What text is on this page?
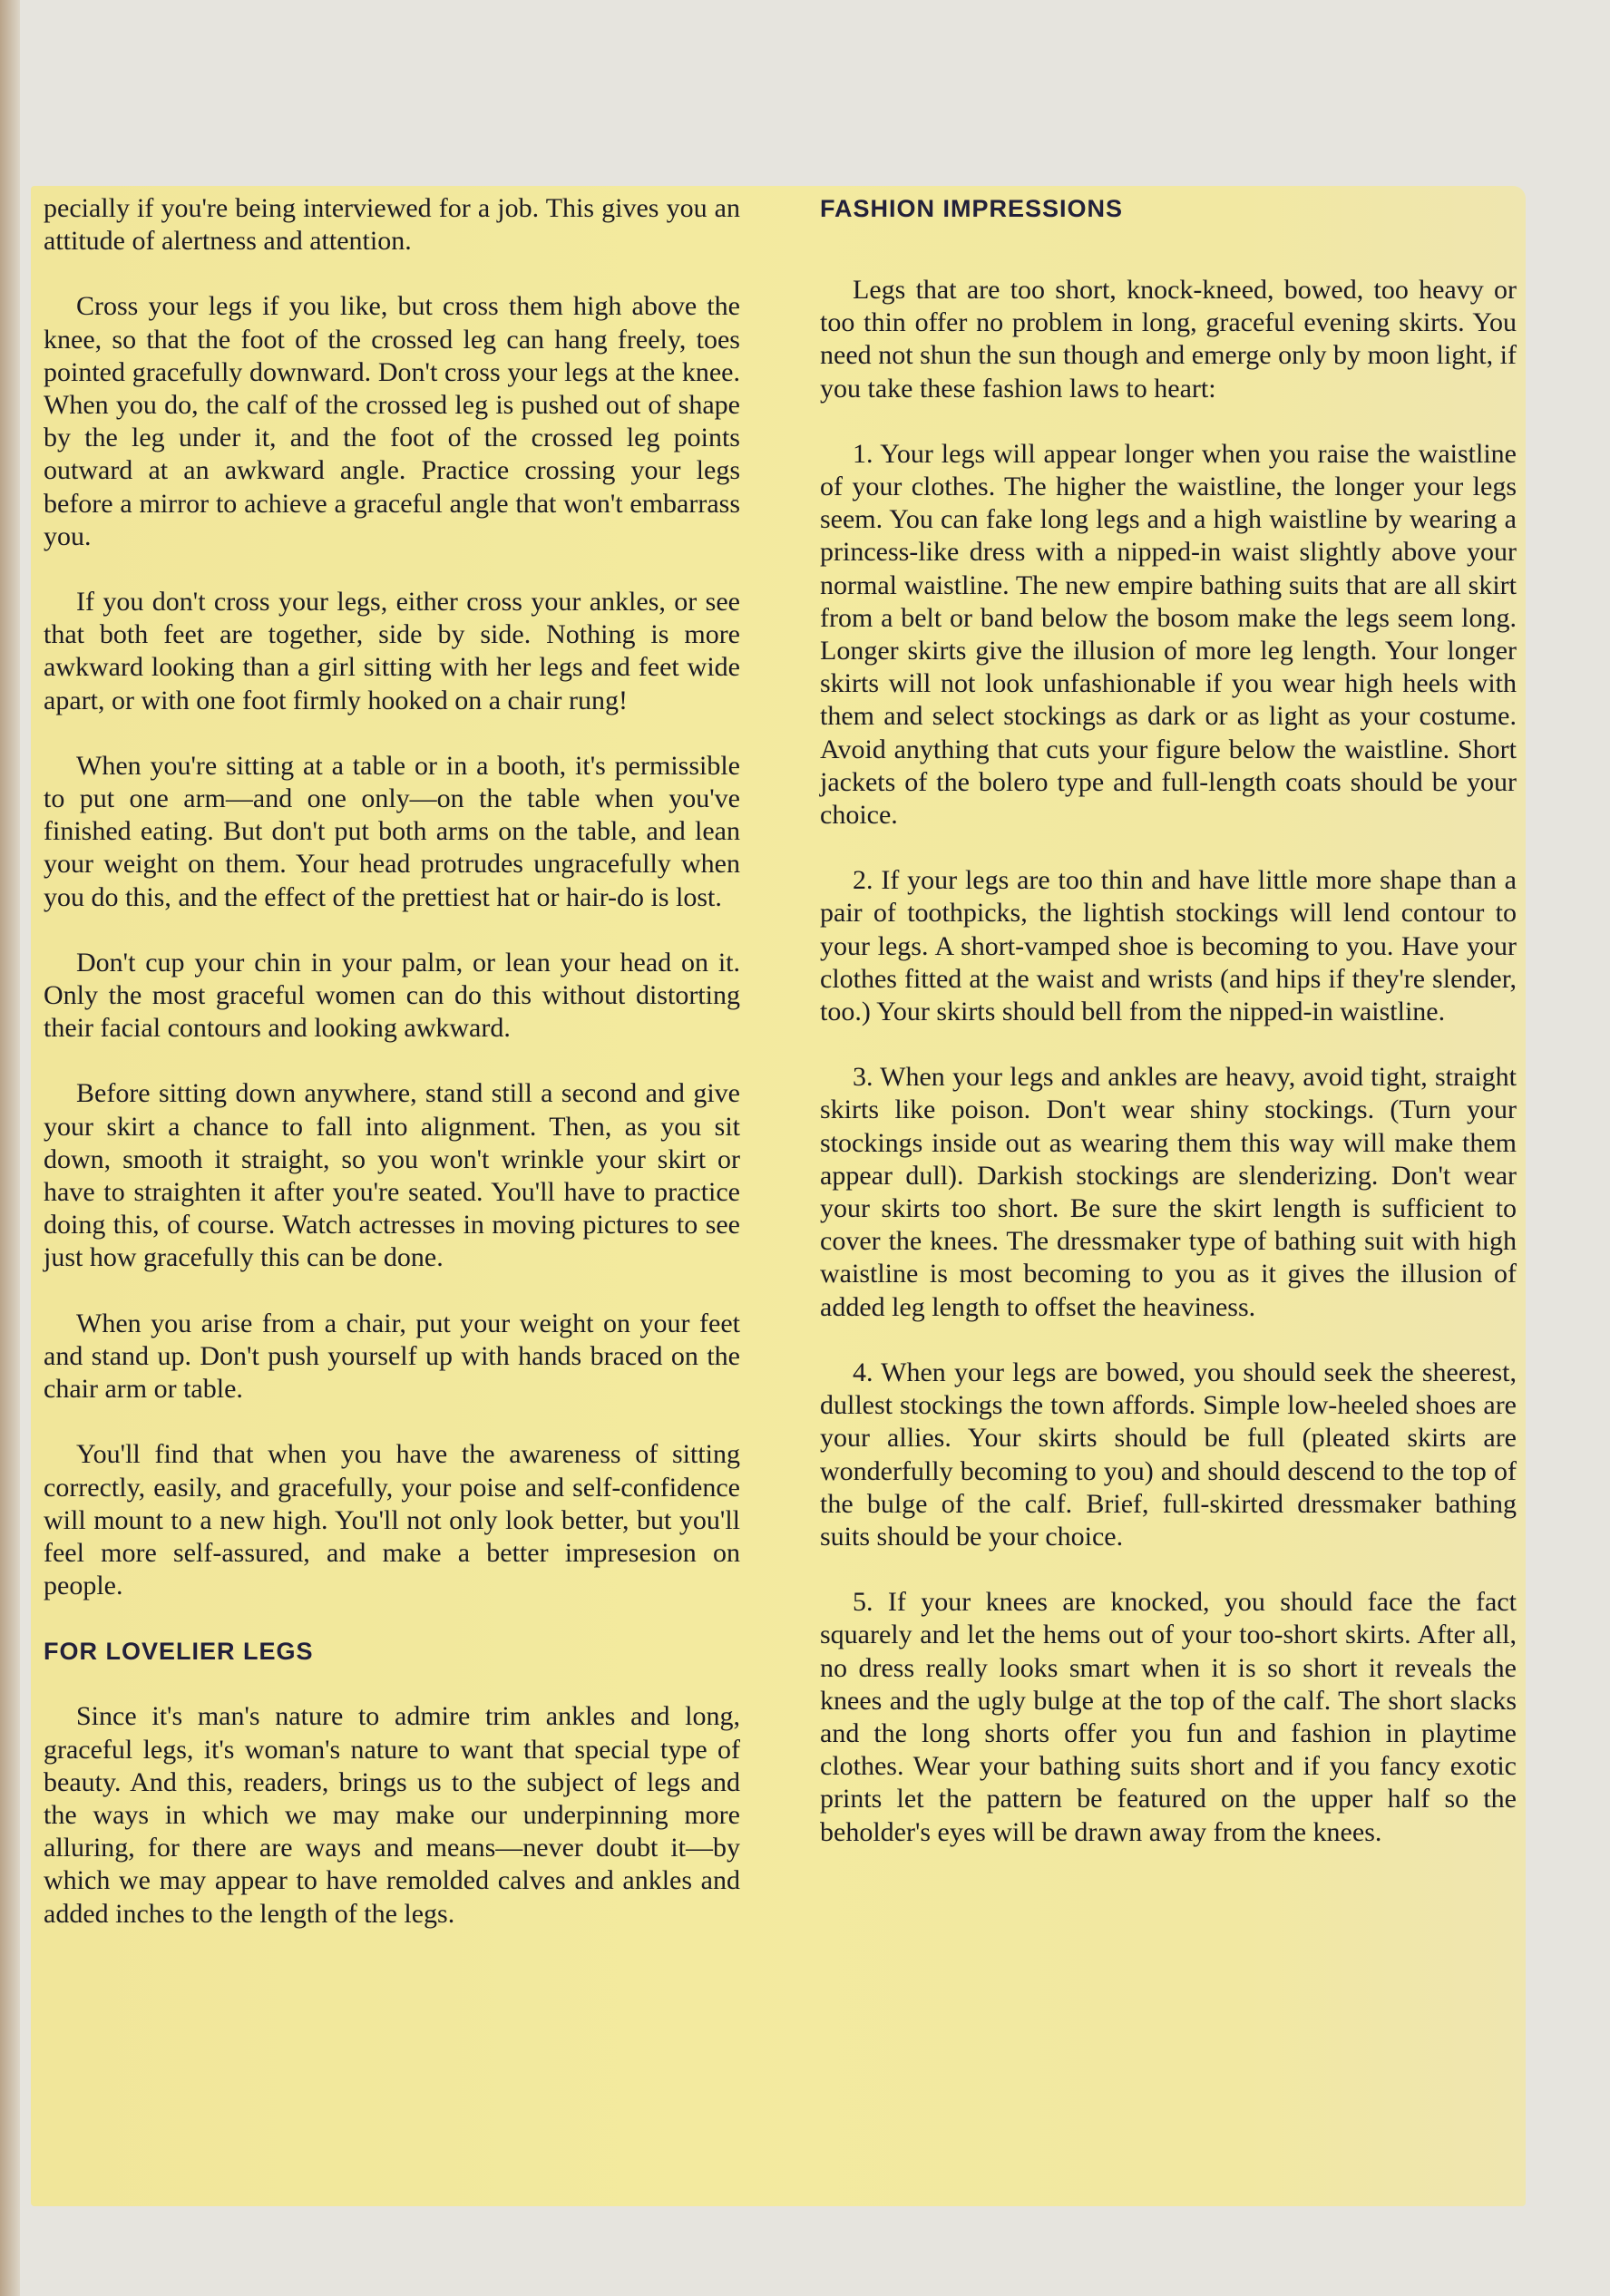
pecially if you're being interviewed for a job. This gives you an attitude of alertness and attention.

Cross your legs if you like, but cross them high above the knee, so that the foot of the crossed leg can hang freely, toes pointed gracefully downward. Don't cross your legs at the knee. When you do, the calf of the crossed leg is pushed out of shape by the leg under it, and the foot of the crossed leg points outward at an awkward angle. Practice crossing your legs before a mirror to achieve a graceful angle that won't embarrass you.

If you don't cross your legs, either cross your ankles, or see that both feet are together, side by side. Nothing is more awkward looking than a girl sitting with her legs and feet wide apart, or with one foot firmly hooked on a chair rung!

When you're sitting at a table or in a booth, it's permissible to put one arm—and one only—on the table when you've finished eating. But don't put both arms on the table, and lean your weight on them. Your head protrudes ungracefully when you do this, and the effect of the prettiest hat or hair-do is lost.

Don't cup your chin in your palm, or lean your head on it. Only the most graceful women can do this without distorting their facial contours and looking awkward.

Before sitting down anywhere, stand still a second and give your skirt a chance to fall into alignment. Then, as you sit down, smooth it straight, so you won't wrinkle your skirt or have to straighten it after you're seated. You'll have to practice doing this, of course. Watch actresses in moving pictures to see just how gracefully this can be done.

When you arise from a chair, put your weight on your feet and stand up. Don't push yourself up with hands braced on the chair arm or table.

You'll find that when you have the awareness of sitting correctly, easily, and gracefully, your poise and self-confidence will mount to a new high. You'll not only look better, but you'll feel more self-assured, and make a better impresesion on people.

FOR LOVELIER LEGS

Since it's man's nature to admire trim ankles and long, graceful legs, it's woman's nature to want that special type of beauty. And this, readers, brings us to the subject of legs and the ways in which we may make our underpinning more alluring, for there are ways and means—never doubt it—by which we may appear to have remolded calves and ankles and added inches to the length of the legs.

FASHION IMPRESSIONS

Legs that are too short, knock-kneed, bowed, too heavy or too thin offer no problem in long, graceful evening skirts. You need not shun the sun though and emerge only by moon light, if you take these fashion laws to heart:

1. Your legs will appear longer when you raise the waistline of your clothes. The higher the waistline, the longer your legs seem. You can fake long legs and a high waistline by wearing a princess-like dress with a nipped-in waist slightly above your normal waistline. The new empire bathing suits that are all skirt from a belt or band below the bosom make the legs seem long. Longer skirts give the illusion of more leg length. Your longer skirts will not look unfashionable if you wear high heels with them and select stockings as dark or as light as your costume. Avoid anything that cuts your figure below the waistline. Short jackets of the bolero type and full-length coats should be your choice.

2. If your legs are too thin and have little more shape than a pair of toothpicks, the lightish stockings will lend contour to your legs. A short-vamped shoe is becoming to you. Have your clothes fitted at the waist and wrists (and hips if they're slender, too.) Your skirts should bell from the nipped-in waistline.

3. When your legs and ankles are heavy, avoid tight, straight skirts like poison. Don't wear shiny stockings. (Turn your stockings inside out as wearing them this way will make them appear dull). Darkish stockings are slenderizing. Don't wear your skirts too short. Be sure the skirt length is sufficient to cover the knees. The dressmaker type of bathing suit with high waistline is most becoming to you as it gives the illusion of added leg length to offset the heaviness.

4. When your legs are bowed, you should seek the sheerest, dullest stockings the town affords. Simple low-heeled shoes are your allies. Your skirts should be full (pleated skirts are wonderfully becoming to you) and should descend to the top of the bulge of the calf. Brief, full-skirted dressmaker bathing suits should be your choice.

5. If your knees are knocked, you should face the fact squarely and let the hems out of your too-short skirts. After all, no dress really looks smart when it is so short it reveals the knees and the ugly bulge at the top of the calf. The short slacks and the long shorts offer you fun and fashion in playtime clothes. Wear your bathing suits short and if you fancy exotic prints let the pattern be featured on the upper half so the beholder's eyes will be drawn away from the knees.
